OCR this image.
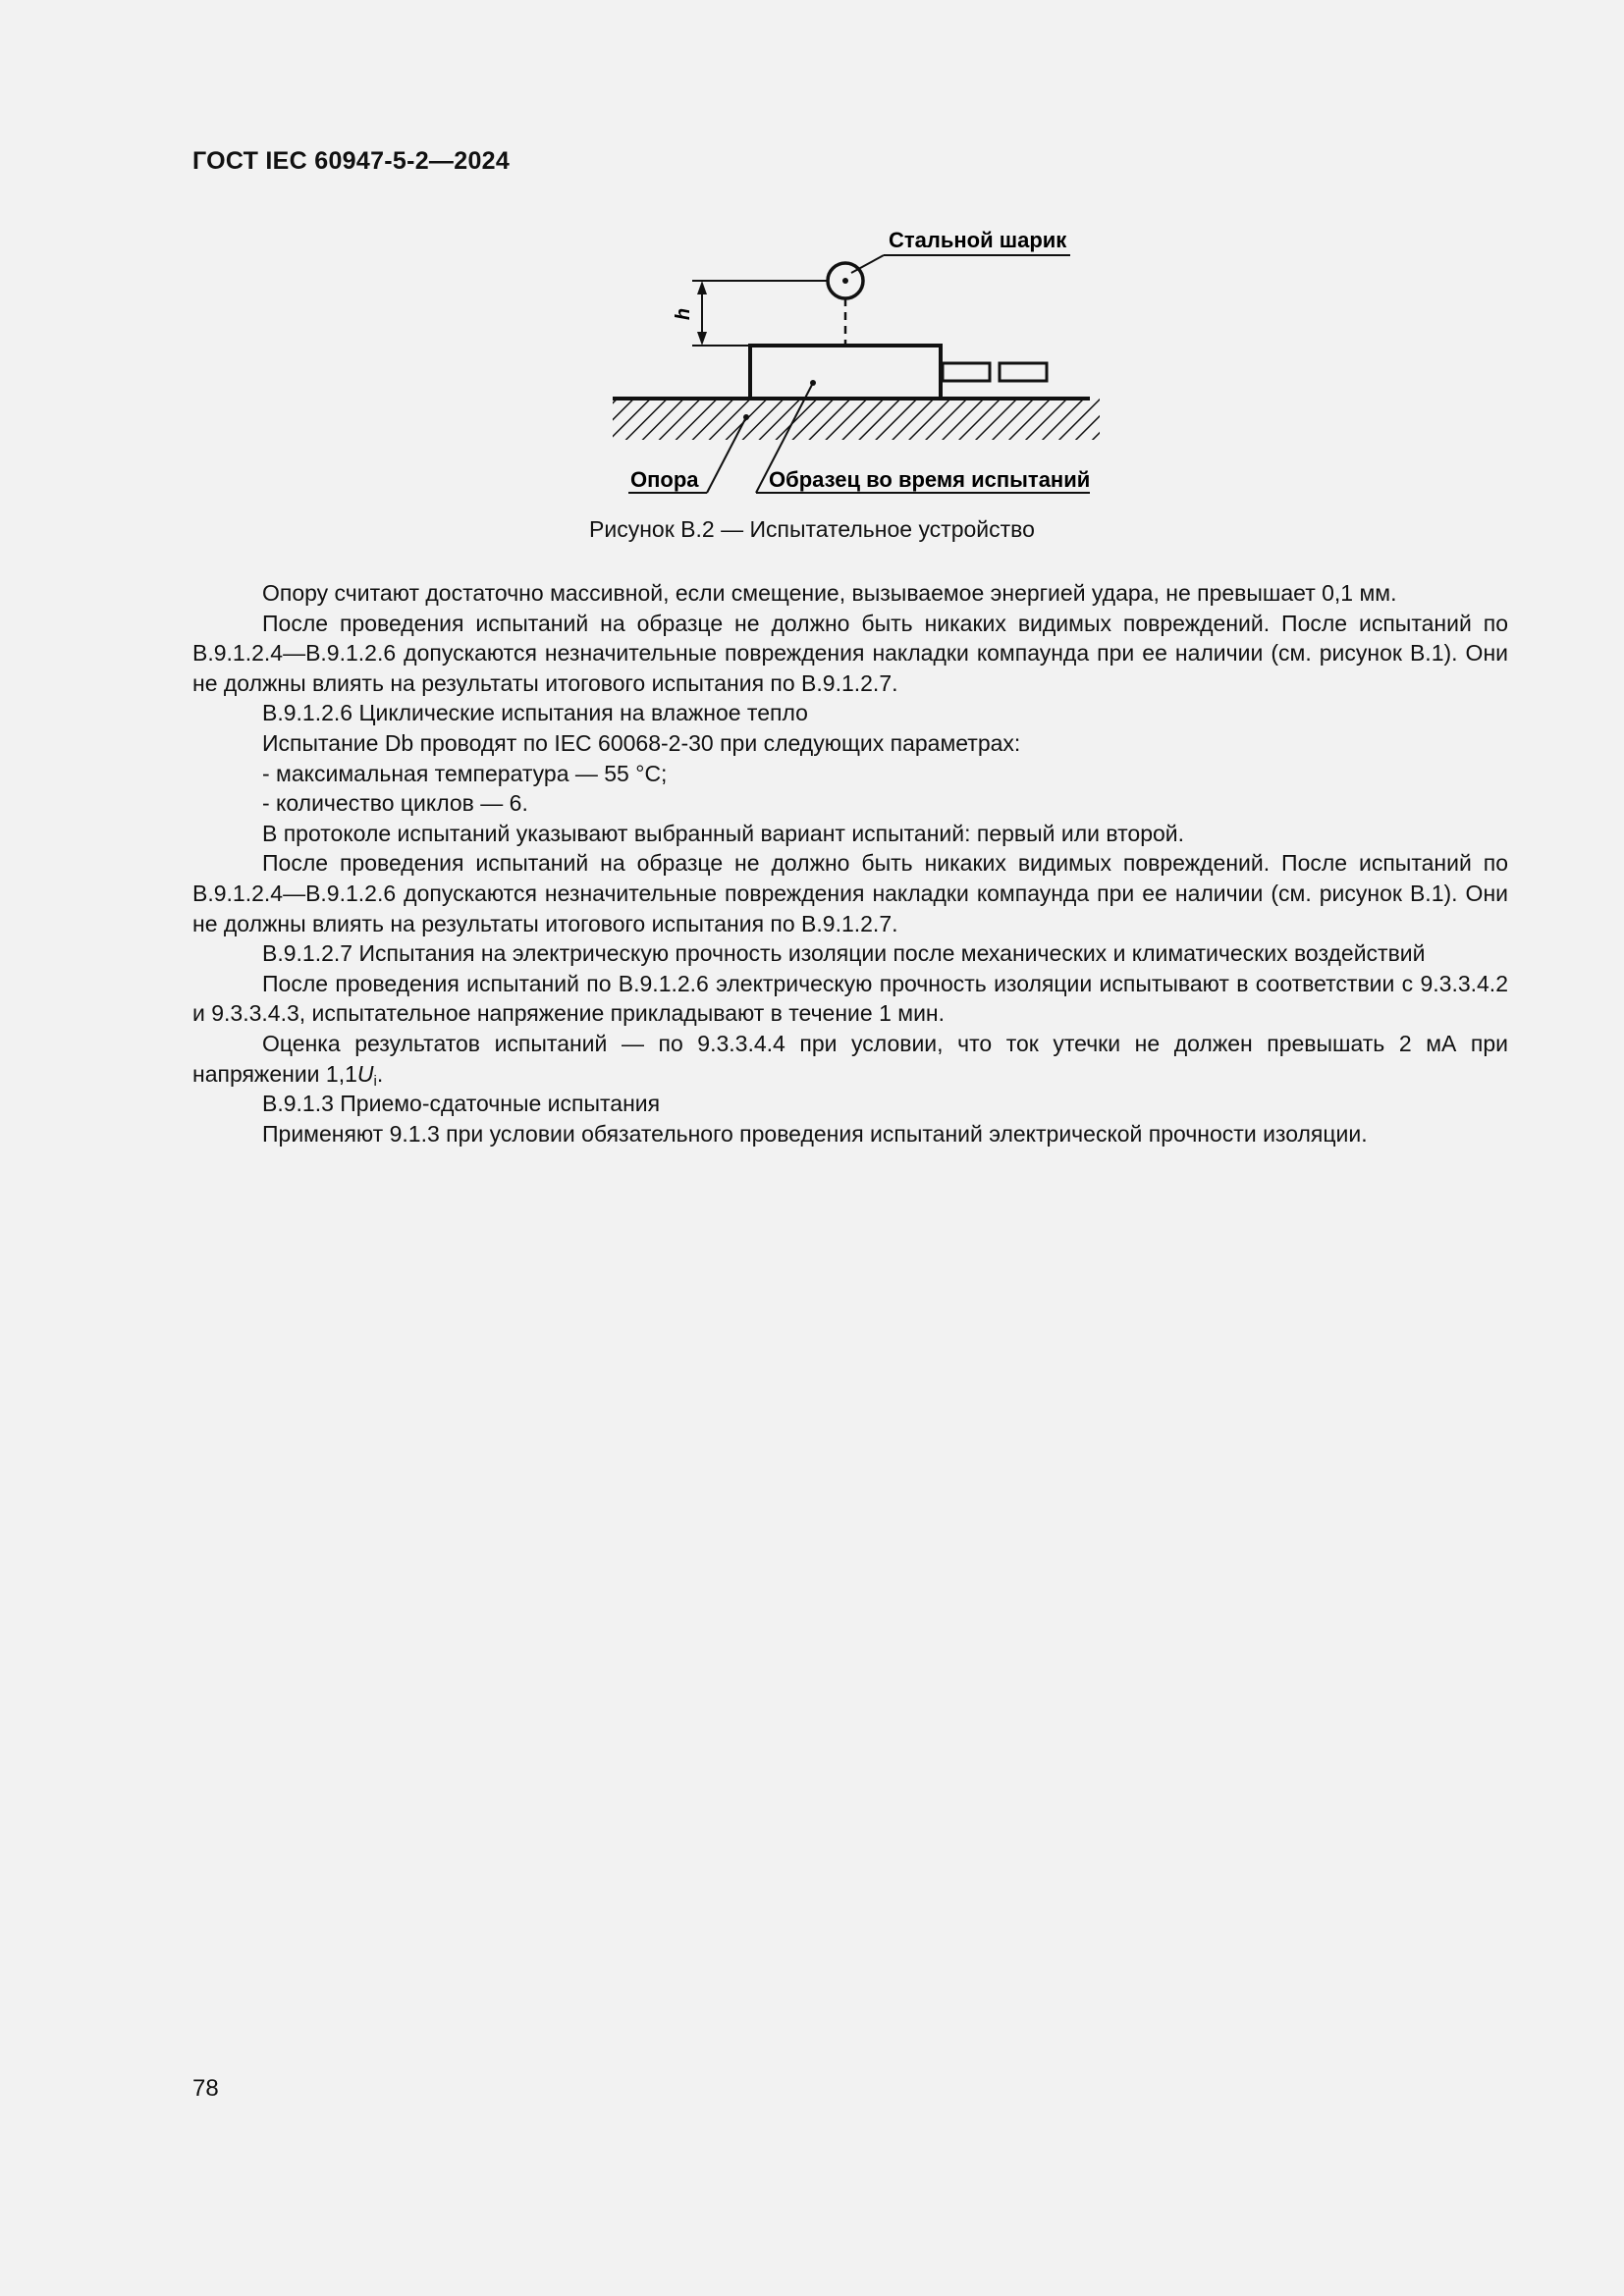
ГОСТ IEC 60947-5-2—2024
h
Стальной шарик
Опора	Образец во время испытаний
Рисунок В.2 — Испытательное устройство

Опору считают достаточно массивной, если смещение, вызываемое энергией удара, не превышает 0,1 мм.

После проведения испытаний на образце не должно быть никаких видимых повреждений. После испытаний по В.9.1.2.4—В.9.1.2.6 допускаются незначительные повреждения накладки компаунда при ее наличии (см. рисунок В.1). Они не должны влиять на результаты итогового испытания по В.9.1.2.7.

В.9.1.2.6 Циклические испытания на влажное тепло

Испытание Db проводят по IEC 60068-2-30 при следующих параметрах:

- максимальная температура — 55 °С;

- количество циклов — 6.

В протоколе испытаний указывают выбранный вариант испытаний: первый или второй.

После проведения испытаний на образце не должно быть никаких видимых повреждений. После испытаний по В.9.1.2.4—В.9.1.2.6 допускаются незначительные повреждения накладки компаунда при ее наличии (см. рисунок В.1). Они не должны влиять на результаты итогового испытания по В.9.1.2.7.

В.9.1.2.7 Испытания на электрическую прочность изоляции после механических и климатических воздействий

После проведения испытаний по В.9.1.2.6 электрическую прочность изоляции испытывают в соответствии с 9.3.3.4.2 и 9.3.3.4.3, испытательное напряжение прикладывают в течение 1 мин.

Оценка результатов испытаний — по 9.3.3.4.4 при условии, что ток утечки не должен превышать 2 мА при напряжении $1,1U_i$.

В.9.1.3 Приемо-сдаточные испытания

Применяют 9.1.3 при условии обязательного проведения испытаний электрической прочности изоляции.

78
